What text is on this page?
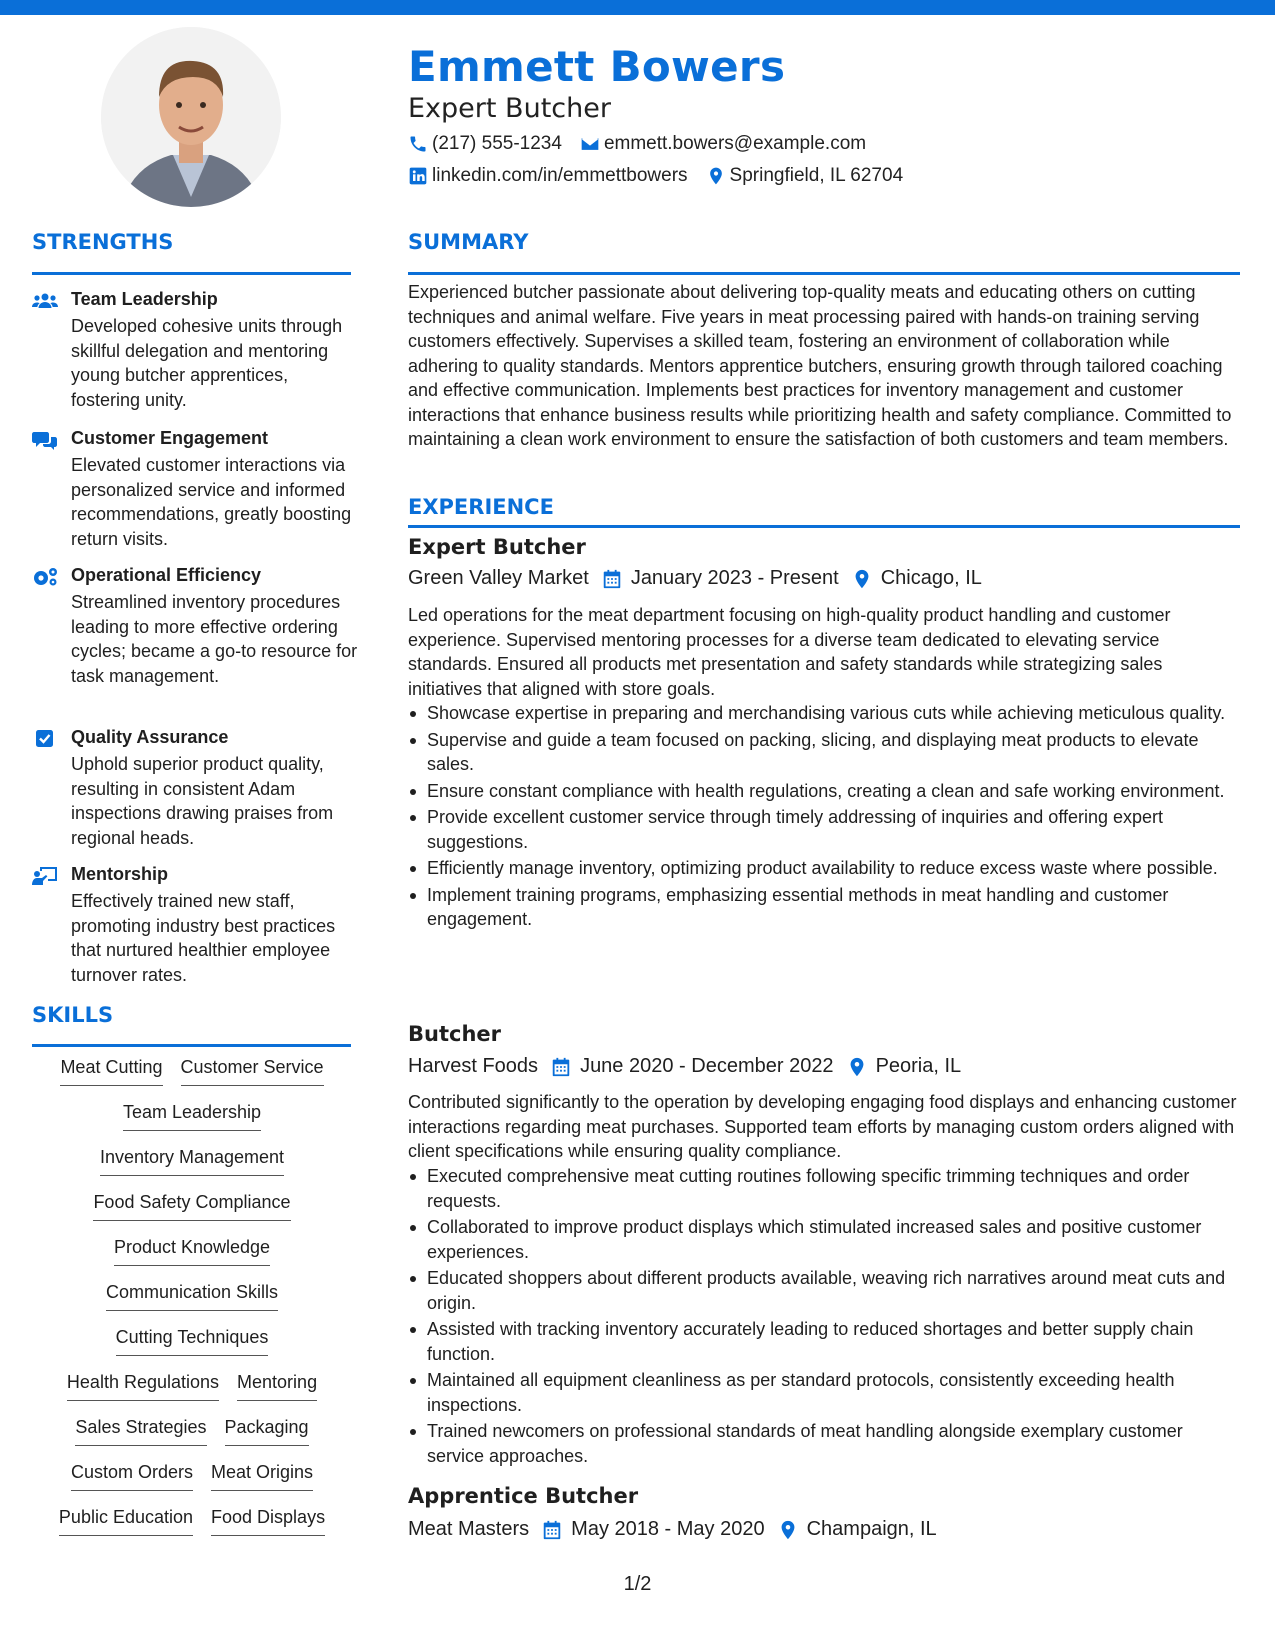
Emmett Bowers
Expert Butcher
(217) 555-1234 emmett.bowers@example.com
linkedin.com/in/emmettbowers Springfield, IL 62704
STRENGTHS
Team Leadership
Developed cohesive units through skillful delegation and mentoring young butcher apprentices, fostering unity.
Customer Engagement
Elevated customer interactions via personalized service and informed recommendations, greatly boosting return visits.
Operational Efficiency
Streamlined inventory procedures leading to more effective ordering cycles; became a go-to resource for task management.
Quality Assurance
Uphold superior product quality, resulting in consistent Adam inspections drawing praises from regional heads.
Mentorship
Effectively trained new staff, promoting industry best practices that nurtured healthier employee turnover rates.
SKILLS
Meat Cutting Customer Service
Team Leadership
Inventory Management
Food Safety Compliance
Product Knowledge
Communication Skills
Cutting Techniques
Health Regulations Mentoring
Sales Strategies Packaging
Custom Orders Meat Origins
Public Education Food Displays
SUMMARY
Experienced butcher passionate about delivering top-quality meats and educating others on cutting techniques and animal welfare. Five years in meat processing paired with hands-on training serving customers effectively. Supervises a skilled team, fostering an environment of collaboration while adhering to quality standards. Mentors apprentice butchers, ensuring growth through tailored coaching and effective communication. Implements best practices for inventory management and customer interactions that enhance business results while prioritizing health and safety compliance. Committed to maintaining a clean work environment to ensure the satisfaction of both customers and team members.
EXPERIENCE
Expert Butcher
Green Valley Market January 2023 - Present Chicago, IL
Led operations for the meat department focusing on high-quality product handling and customer experience. Supervised mentoring processes for a diverse team dedicated to elevating service standards. Ensured all products met presentation and safety standards while strategizing sales initiatives that aligned with store goals.
Showcase expertise in preparing and merchandising various cuts while achieving meticulous quality.
Supervise and guide a team focused on packing, slicing, and displaying meat products to elevate sales.
Ensure constant compliance with health regulations, creating a clean and safe working environment.
Provide excellent customer service through timely addressing of inquiries and offering expert suggestions.
Efficiently manage inventory, optimizing product availability to reduce excess waste where possible.
Implement training programs, emphasizing essential methods in meat handling and customer engagement.
Butcher
Harvest Foods June 2020 - December 2022 Peoria, IL
Contributed significantly to the operation by developing engaging food displays and enhancing customer interactions regarding meat purchases. Supported team efforts by managing custom orders aligned with client specifications while ensuring quality compliance.
Executed comprehensive meat cutting routines following specific trimming techniques and order requests.
Collaborated to improve product displays which stimulated increased sales and positive customer experiences.
Educated shoppers about different products available, weaving rich narratives around meat cuts and origin.
Assisted with tracking inventory accurately leading to reduced shortages and better supply chain function.
Maintained all equipment cleanliness as per standard protocols, consistently exceeding health inspections.
Trained newcomers on professional standards of meat handling alongside exemplary customer service approaches.
Apprentice Butcher
Meat Masters May 2018 - May 2020 Champaign, IL
1/2
